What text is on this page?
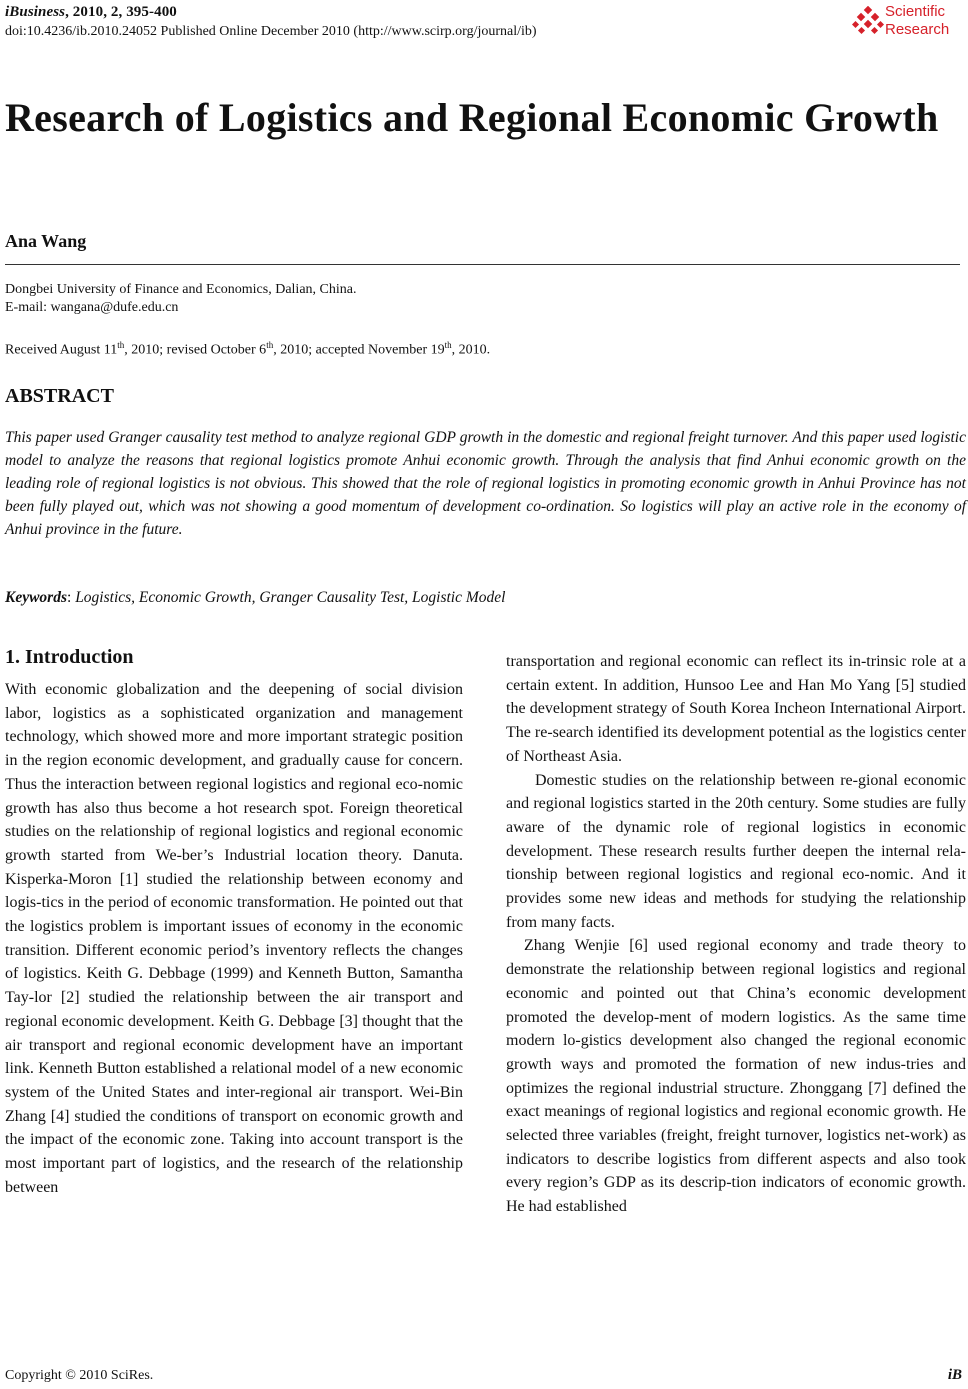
iBusiness, 2010, 2, 395-400
doi:10.4236/ib.2010.24052 Published Online December 2010 (http://www.scirp.org/journal/ib)
Scientific
Research
Research of Logistics and Regional Economic Growth
Ana Wang
Dongbei University of Finance and Economics, Dalian, China.
E-mail: wangana@dufe.edu.cn
Received August 11th, 2010; revised October 6th, 2010; accepted November 19th, 2010.
ABSTRACT

This paper used Granger causality test method to analyze regional GDP growth in the domestic and regional freight turnover. And this paper used logistic model to analyze the reasons that regional logistics promote Anhui economic growth. Through the analysis that find Anhui economic growth on the leading role of regional logistics is not obvious. This showed that the role of regional logistics in promoting economic growth in Anhui Province has not been fully played out, which was not showing a good momentum of development co-ordination. So logistics will play an active role in the economy of Anhui province in the future.

Keywords: Logistics, Economic Growth, Granger Causality Test, Logistic Model
1. Introduction

With economic globalization and the deepening of social division labor, logistics as a sophisticated organization and management technology, which showed more and more important strategic position in the region economic development, and gradually cause for concern. Thus the interaction between regional logistics and regional eco-nomic growth has also thus become a hot research spot. Foreign theoretical studies on the relationship of regional logistics and regional economic growth started from We-ber’s Industrial location theory. Danuta. Kisperka-Moron [1] studied the relationship between economy and logis-tics in the period of economic transformation. He pointed out that the logistics problem is important issues of economy in the economic transition. Different economic period’s inventory reflects the changes of logistics. Keith G. Debbage (1999) and Kenneth Button, Samantha Tay-lor [2] studied the relationship between the air transport and regional economic development. Keith G. Debbage [3] thought that the air transport and regional economic development have an important link. Kenneth Button established a relational model of a new economic system of the United States and inter-regional air transport. Wei-Bin Zhang [4] studied the conditions of transport on economic growth and the impact of the economic zone. Taking into account transport is the most important part of logistics, and the research of the relationship between

transportation and regional economic can reflect its in-trinsic role at a certain extent. In addition, Hunsoo Lee and Han Mo Yang [5] studied the development strategy of South Korea Incheon International Airport. The re-search identified its development potential as the logistics center of Northeast Asia.

Domestic studies on the relationship between re-gional economic and regional logistics started in the 20th century. Some studies are fully aware of the dynamic role of regional logistics in economic development. These research results further deepen the internal rela-tionship between regional logistics and regional eco-nomic. And it provides some new ideas and methods for studying the relationship from many facts.

Zhang Wenjie [6] used regional economy and trade theory to demonstrate the relationship between regional logistics and regional economic and pointed out that China’s economic development promoted the develop-ment of modern logistics. As the same time modern lo-gistics development also changed the regional economic growth ways and promoted the formation of new indus-tries and optimizes the regional industrial structure. Zhonggang [7] defined the exact meanings of regional logistics and regional economic growth. He selected three variables (freight, freight turnover, logistics net-work) as indicators to describe logistics from different aspects and also took every region’s GDP as its descrip-tion indicators of economic growth. He had established

Copyright © 2010 SciRes.	iB
